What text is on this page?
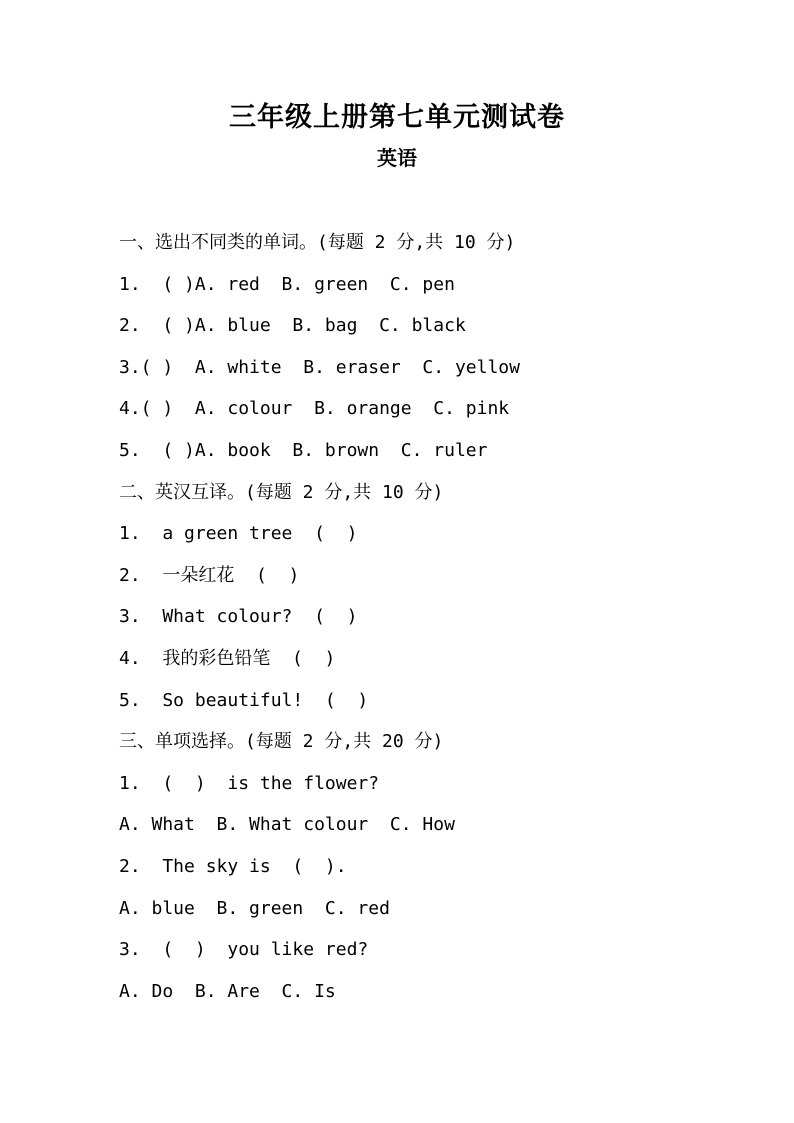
三年级上册第七单元测试卷
英语
一、选出不同类的单词。(每题 2 分,共 10 分)
1.  ( )A. red  B. green  C. pen
2.  ( )A. blue  B. bag  C. black
3.( )  A. white  B. eraser  C. yellow
4.( )  A. colour  B. orange  C. pink
5.  ( )A. book  B. brown  C. ruler
二、英汉互译。(每题 2 分,共 10 分)
1.  a green tree  (  )
2.  一朵红花  (  )
3.  What colour?  (  )
4.  我的彩色铅笔  (  )
5.  So beautiful!  (  )
三、单项选择。(每题 2 分,共 20 分)
1.  (  )  is the flower?
A. What  B. What colour  C. How
2.  The sky is  (  ).
A. blue  B. green  C. red
3.  (  )  you like red?
A. Do  B. Are  C. Is
